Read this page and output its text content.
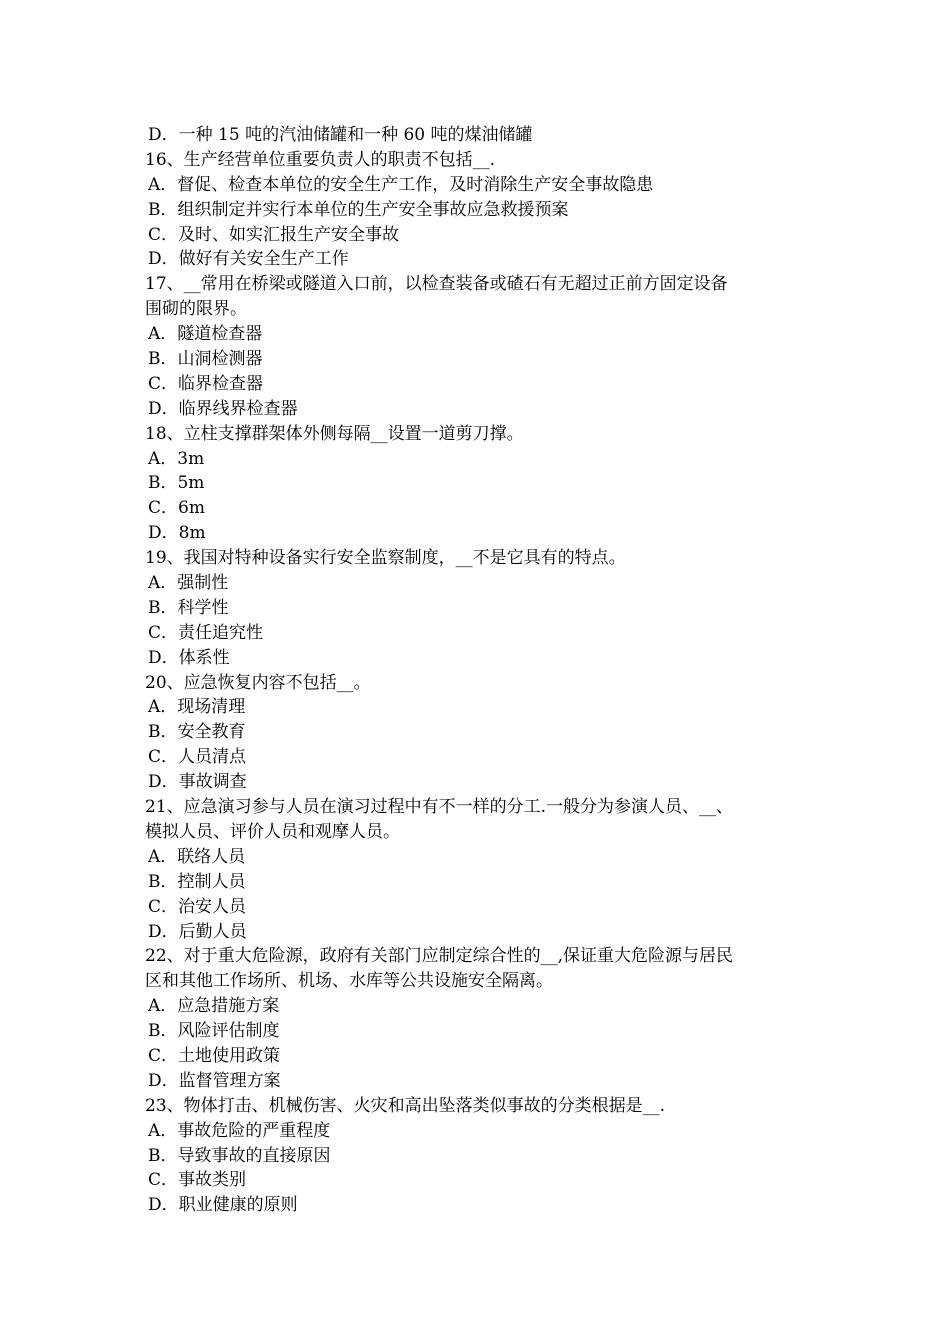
D．一种 15 吨的汽油储罐和一种 60 吨的煤油储罐
16、生产经营单位重要负责人的职责不包括__.
A．督促、检查本单位的安全生产工作，及时消除生产安全事故隐患
B．组织制定并实行本单位的生产安全事故应急救援预案
C．及时、如实汇报生产安全事故
D．做好有关安全生产工作
17、__常用在桥梁或隧道入口前，以检查装备或碴石有无超过正前方固定设备
围砌的限界。
A．隧道检查器
B．山洞检测器
C．临界检查器
D．临界线界检查器
18、立柱支撑群架体外侧每隔__设置一道剪刀撑。
A．3m
B．5m
C．6m
D．8m
19、我国对特种设备实行安全监察制度，__不是它具有的特点。
A．强制性
B．科学性
C．责任追究性
D．体系性
20、应急恢复内容不包括__。
A．现场清理
B．安全教育
C．人员清点
D．事故调查
21、应急演习参与人员在演习过程中有不一样的分工.一般分为参演人员、__、
模拟人员、评价人员和观摩人员。
A．联络人员
B．控制人员
C．治安人员
D．后勤人员
22、对于重大危险源，政府有关部门应制定综合性的__,保证重大危险源与居民
区和其他工作场所、机场、水库等公共设施安全隔离。
A．应急措施方案
B．风险评估制度
C．土地使用政策
D．监督管理方案
23、物体打击、机械伤害、火灾和高出坠落类似事故的分类根据是__.
A．事故危险的严重程度
B．导致事故的直接原因
C．事故类别
D．职业健康的原则
